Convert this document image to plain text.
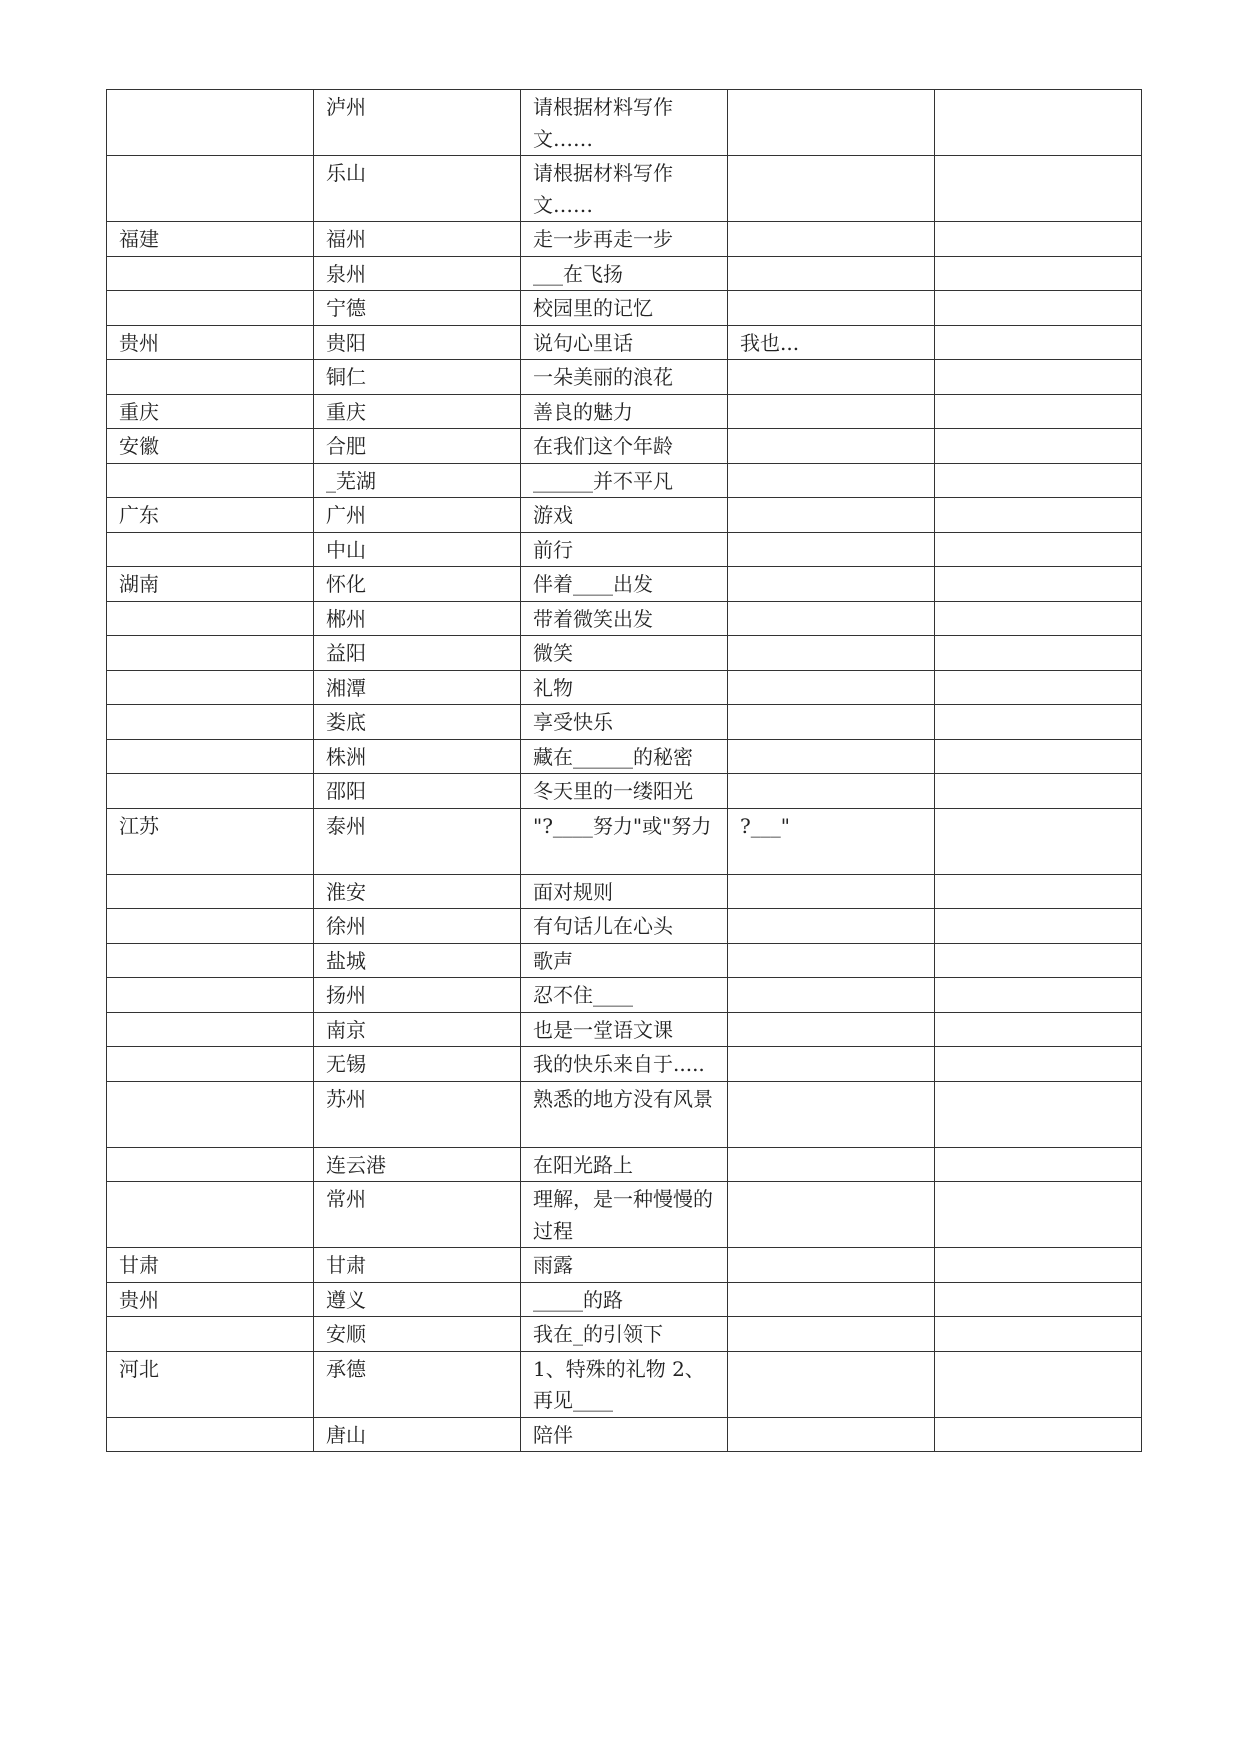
	泸州	请根据材料写作文……		
	乐山	请根据材料写作文……		
福建	福州	走一步再走一步		
	泉州	___在飞扬		
	宁德	校园里的记忆		
贵州	贵阳	说句心里话	我也...	
	铜仁	一朵美丽的浪花		
重庆	重庆	善良的魅力		
安徽	合肥	在我们这个年龄		
	_芜湖	______并不平凡		
广东	广州	游戏		
	中山	前行		
湖南	怀化	伴着____出发		
	郴州	带着微笑出发		
	益阳	微笑		
	湘潭	礼物		
	娄底	享受快乐		
	株洲	藏在______的秘密		
	邵阳	冬天里的一缕阳光		
江苏	泰州	"?____努力"或"努力	?___"	
	淮安	面对规则		
	徐州	有句话儿在心头		
	盐城	歌声		
	扬州	忍不住____		
	南京	也是一堂语文课		
	无锡	我的快乐来自于.....		
	苏州	熟悉的地方没有风景		
	连云港	在阳光路上		
	常州	理解，是一种慢慢的过程		
甘肃	甘肃	雨露		
贵州	遵义	_____的路		
	安顺	我在_的引领下		
河北	承德	1、特殊的礼物 2、再见____		
	唐山	陪伴		
